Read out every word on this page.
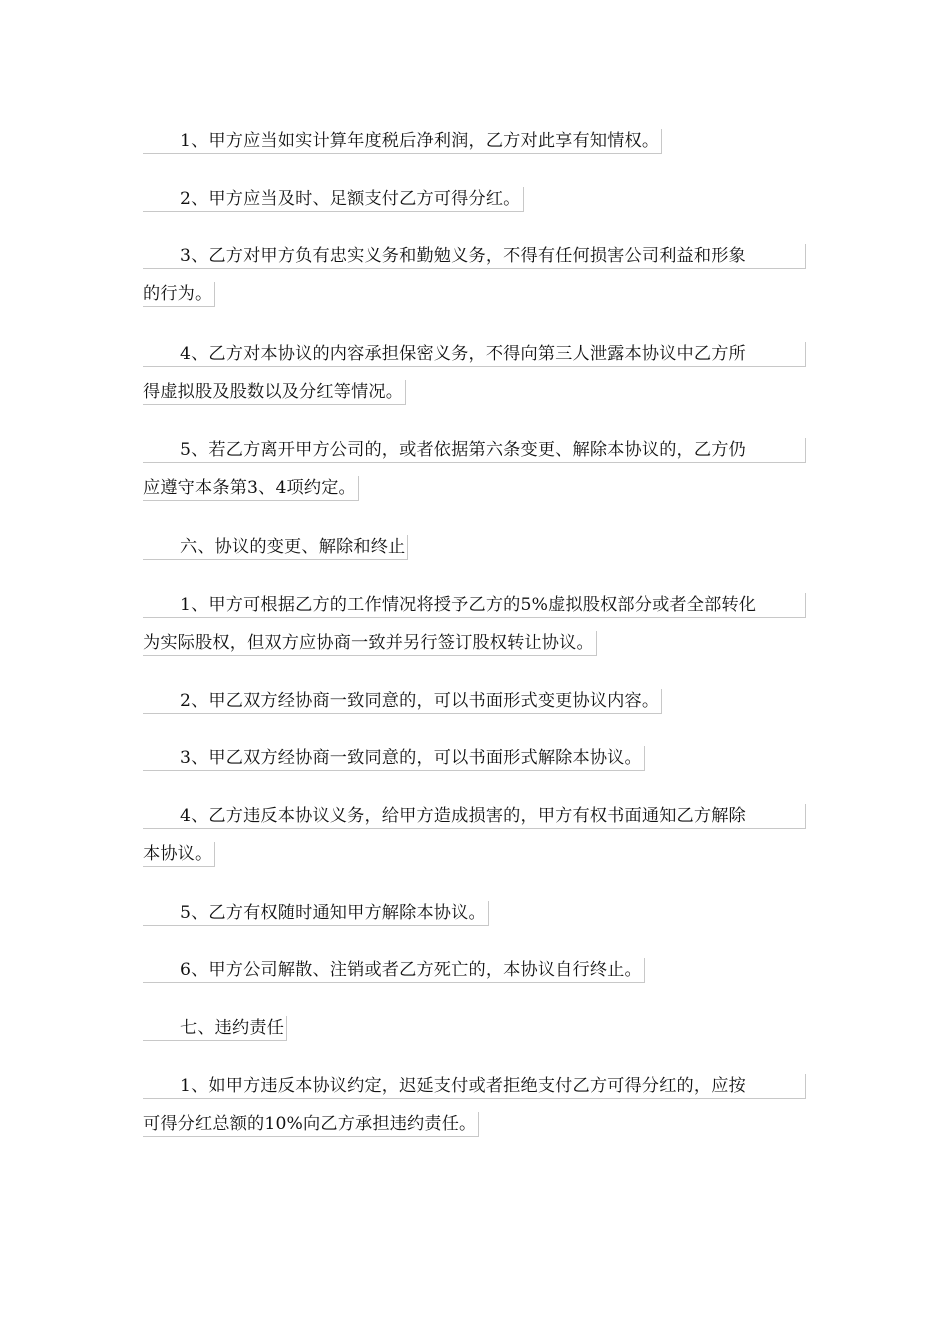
1、甲方应当如实计算年度税后净利润，乙方对此享有知情权。
2、甲方应当及时、足额支付乙方可得分红。
3、乙方对甲方负有忠实义务和勤勉义务，不得有任何损害公司利益和形象
的行为。
4、乙方对本协议的内容承担保密义务，不得向第三人泄露本协议中乙方所
得虚拟股及股数以及分红等情况。
5、若乙方离开甲方公司的，或者依据第六条变更、解除本协议的，乙方仍
应遵守本条第3、4项约定。
六、协议的变更、解除和终止
1、甲方可根据乙方的工作情况将授予乙方的5%虚拟股权部分或者全部转化
为实际股权，但双方应协商一致并另行签订股权转让协议。
2、甲乙双方经协商一致同意的，可以书面形式变更协议内容。
3、甲乙双方经协商一致同意的，可以书面形式解除本协议。
4、乙方违反本协议义务，给甲方造成损害的，甲方有权书面通知乙方解除
本协议。
5、乙方有权随时通知甲方解除本协议。
6、甲方公司解散、注销或者乙方死亡的，本协议自行终止。
七、违约责任
1、如甲方违反本协议约定，迟延支付或者拒绝支付乙方可得分红的，应按
可得分红总额的10%向乙方承担违约责任。
